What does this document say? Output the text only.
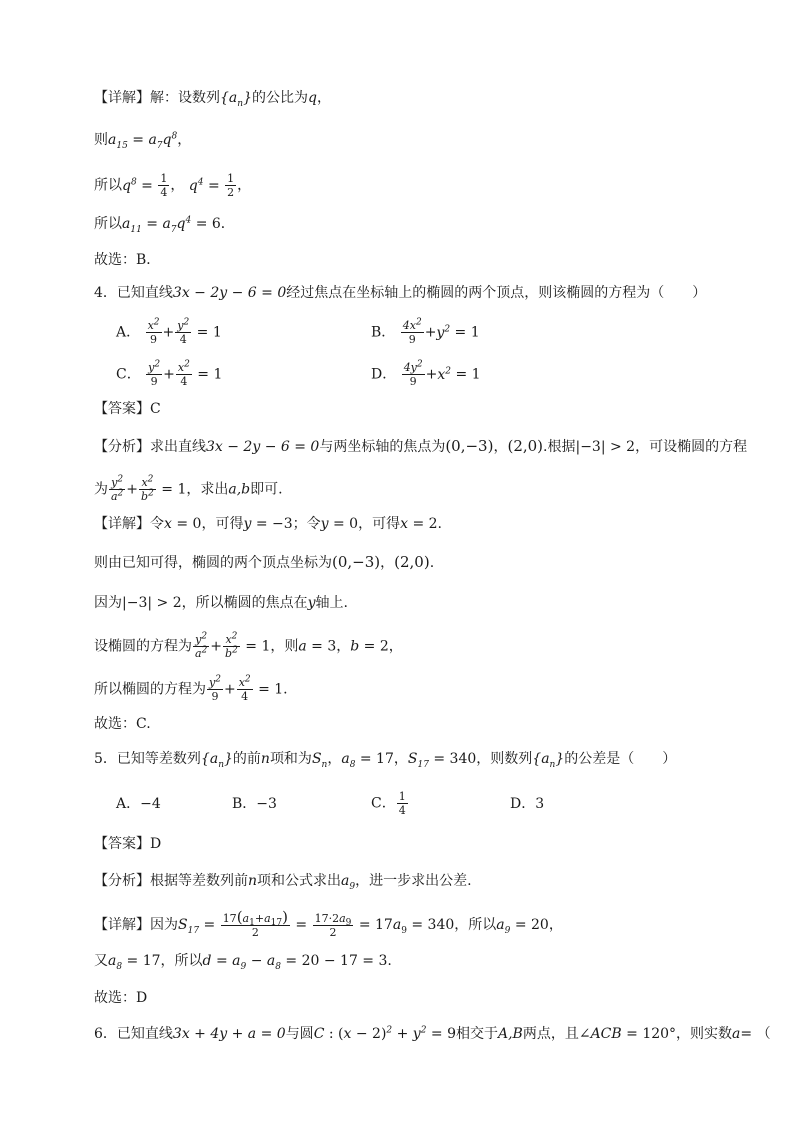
【详解】解：设数列$\{a_n\}$的公比为q，
则$a_{15} = a_7q^8$，
所以$q^8 = \frac{1}{4}$ ， $q^4 = \frac{1}{2}$ ，
所以$a_{11} = a_7q^4 = 6$．
故选：B．
4．已知直线3x − 2y − 6 = 0经过焦点在坐标轴上的椭圆的两个顶点，则该椭圆的方程为（　　）
A． $\frac{x^2}{9} + \frac{y^2}{4} = 1$	B． $\frac{4x^2}{9} +y^2 = 1$
C． $\frac{y^2}{9} + \frac{x^2}{4} = 1$	D． $\frac{4y^2}{9} +x^2 = 1$
【答案】C
【分析】求出直线3x − 2y − 6 = 0与两坐标轴的焦点为(0,−3)，(2,0).根据|−3| > 2，可设椭圆的方程
为 $\frac{y^2}{a^2} + \frac{x^2}{b^2} = 1$，求出a,b即可.
【详解】令x = 0，可得y = −3；令y = 0，可得x = 2.
则由已知可得，椭圆的两个顶点坐标为(0,−3)，(2,0).
因为|−3| > 2，所以椭圆的焦点在y轴上.
设椭圆的方程为 $\frac{y^2}{a^2} + \frac{x^2}{b^2} = 1$，则a = 3，b = 2，
所以椭圆的方程为 $\frac{y^2}{9} + \frac{x^2}{4} = 1$.
故选：C.
5．已知等差数列$\{a_n\}$的前n项和为$S_n$，$a_8 = 17$，$S_{17} = 340$，则数列$\{a_n\}$的公差是（　　）
A．−4	B．−3	C． $\frac{1}{4}$	D．3
【答案】D
【分析】根据等差数列前n项和公式求出$a_9$，进一步求出公差.
【详解】因为$S_{17} = \frac{17(a_1+a_{17})}{2} = \frac{17\cdot 2a_9}{2} = 17a_9 = 340$，所以$a_9 = 20$，
又$a_8 = 17$，所以$d = a_9 - a_8 = 20 - 17 = 3$.
故选：D
6．已知直线3x + 4y + a = 0与圆C : $(x - 2)^2 + y^2 = 9$相交于A,B两点，且∠ACB = 120°，则实数a= （
